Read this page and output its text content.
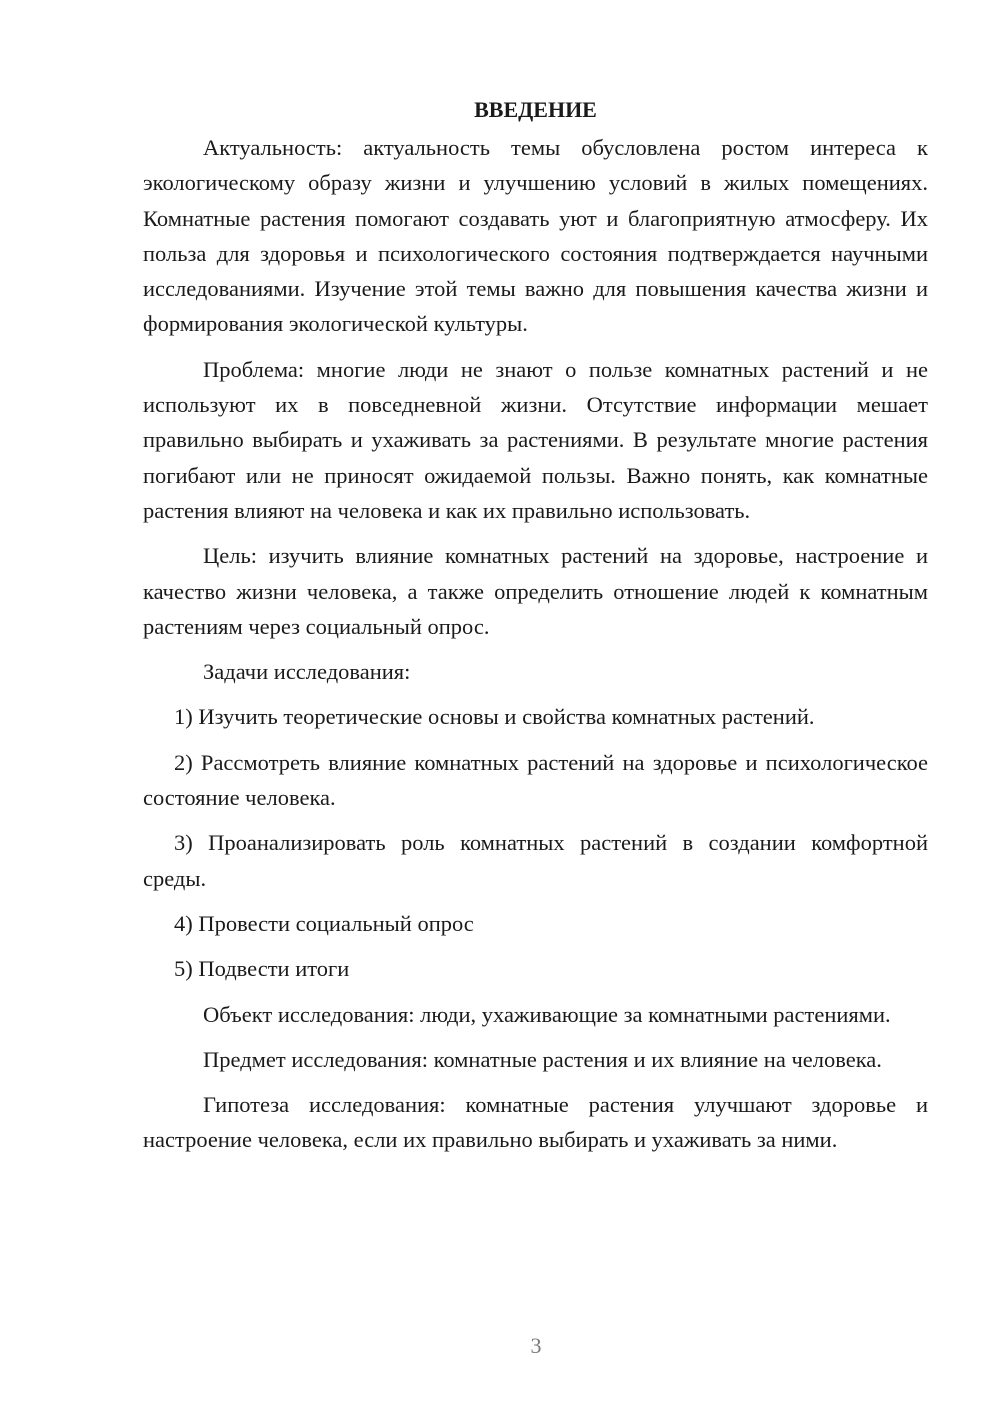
ВВЕДЕНИЕ

Актуальность: актуальность темы обусловлена ростом интереса к экологическому образу жизни и улучшению условий в жилых помещениях. Комнатные растения помогают создавать уют и благоприятную атмосферу. Их польза для здоровья и психологического состояния подтверждается научными исследованиями. Изучение этой темы важно для повышения качества жизни и формирования экологической культуры.

Проблема: многие люди не знают о пользе комнатных растений и не используют их в повседневной жизни. Отсутствие информации мешает правильно выбирать и ухаживать за растениями. В результате многие растения погибают или не приносят ожидаемой пользы. Важно понять, как комнатные растения влияют на человека и как их правильно использовать.

Цель: изучить влияние комнатных растений на здоровье, настроение и качество жизни человека, а также определить отношение людей к комнатным растениям через социальный опрос.

Задачи исследования:

1) Изучить теоретические основы и свойства комнатных растений.

2) Рассмотреть влияние комнатных растений на здоровье и психологическое состояние человека.

3) Проанализировать роль комнатных растений в создании комфортной среды.

4) Провести социальный опрос

5) Подвести итоги

Объект исследования: люди, ухаживающие за комнатными растениями.

Предмет исследования: комнатные растения и их влияние на человека.

Гипотеза исследования: комнатные растения улучшают здоровье и настроение человека, если их правильно выбирать и ухаживать за ними.

3
